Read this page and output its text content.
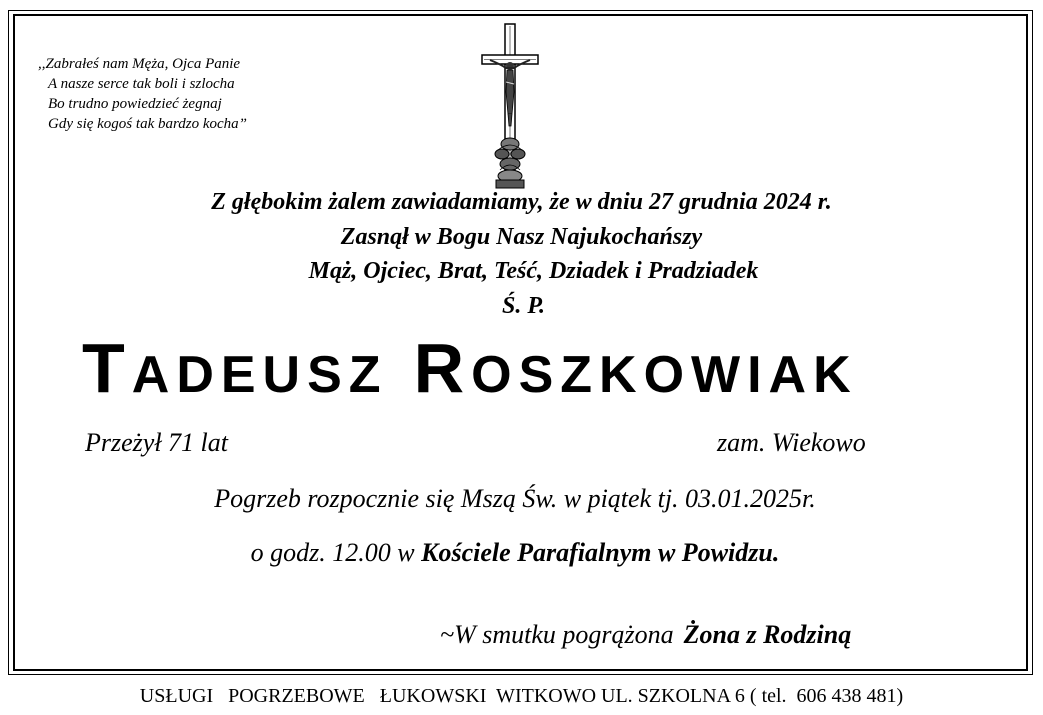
,,Zabrałeś nam Męża, Ojca Panie
A nasze serce tak boli i szlocha
Bo trudno powiedzieć żegnaj
Gdy się kogoś tak bardzo kocha”
Z głębokim żalem zawiadamiamy, że w dniu 27 grudnia 2024 r.
Zasnął w Bogu Nasz Najukochańszy
Mąż, Ojciec, Brat, Teść, Dziadek i Pradziadek
Ś. P.
TADEUSZ ROSZKOWIAK
Przeżył 71 lat	zam. Wiekowo
Pogrzeb rozpocznie się Mszą Św. w piątek tj. 03.01.2025r.
o godz. 12.00 w Kościele Parafialnym w Powidzu.
~W smutku pogrążona Żona z Rodziną
USŁUGI   POGRZEBOWE   ŁUKOWSKI  WITKOWO UL. SZKOLNA 6 ( tel.  606 438 481)
